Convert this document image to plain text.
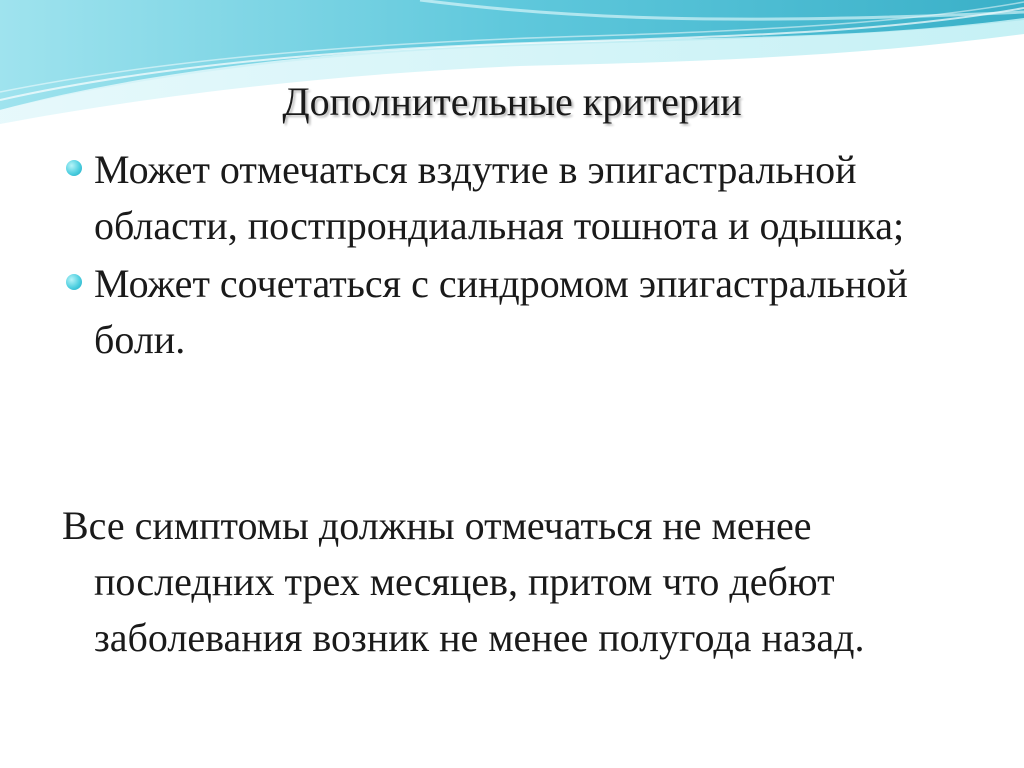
Дополнительные критерии
Может отмечаться вздутие в эпигастральной области, постпрондиальная тошнота и одышка;
Может сочетаться с синдромом эпигастральной боли.
Все симптомы должны отмечаться не менее последних трех месяцев, притом что дебют заболевания возник не менее полугода назад.
